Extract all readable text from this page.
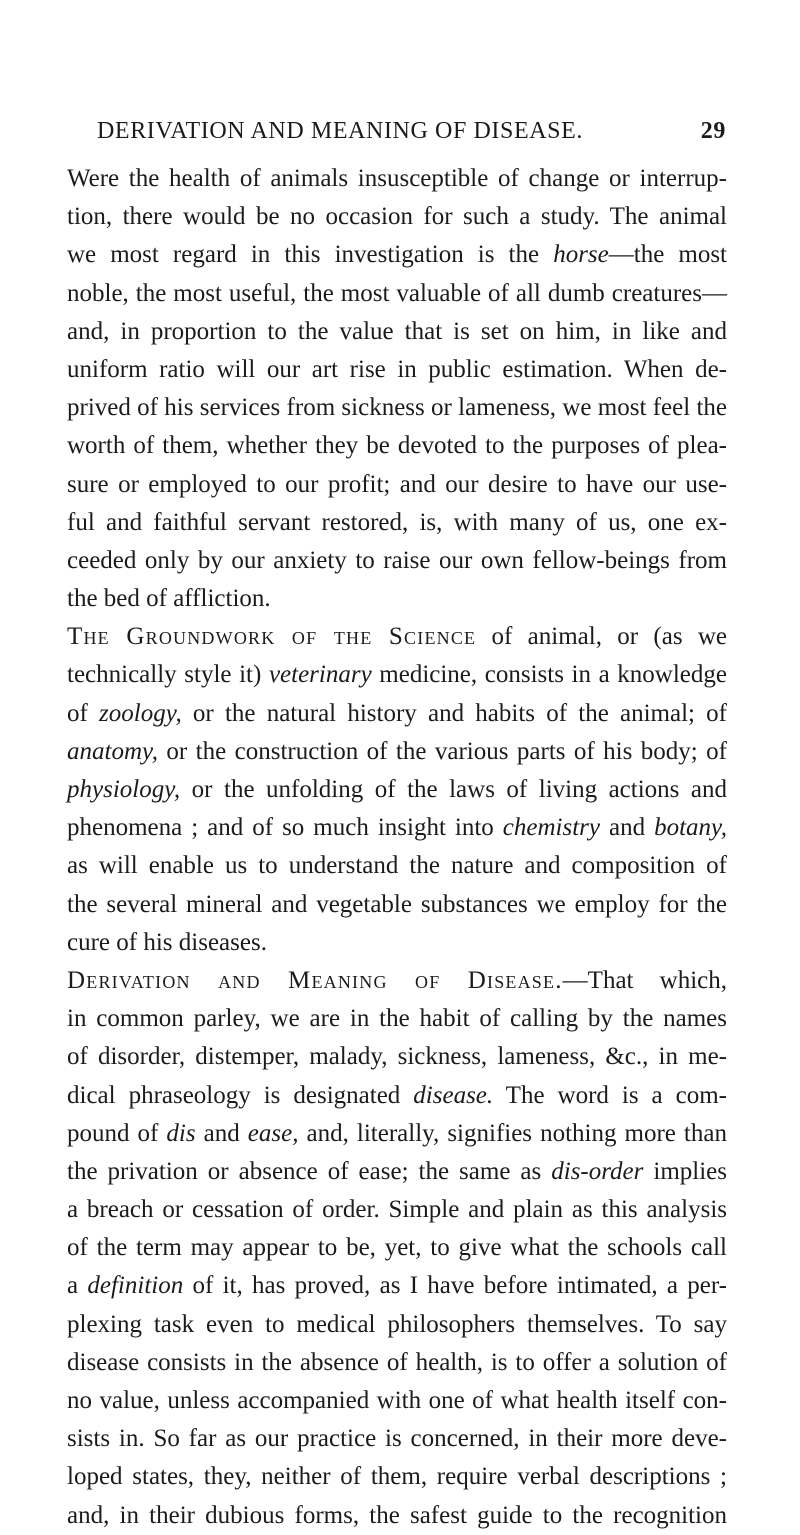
DERIVATION AND MEANING OF DISEASE.	29
Were the health of animals insusceptible of change or interrup-
tion, there would be no occasion for such a study. The animal
we most regard in this investigation is the horse—the most
noble, the most useful, the most valuable of all dumb creatures—
and, in proportion to the value that is set on him, in like and
uniform ratio will our art rise in public estimation. When de-
prived of his services from sickness or lameness, we most feel the
worth of them, whether they be devoted to the purposes of plea-
sure or employed to our profit; and our desire to have our use-
ful and faithful servant restored, is, with many of us, one ex-
ceeded only by our anxiety to raise our own fellow-beings from
the bed of affliction.
The Groundwork of the Science of animal, or (as we
technically style it) veterinary medicine, consists in a knowledge
of zoology, or the natural history and habits of the animal; of
anatomy, or the construction of the various parts of his body; of
physiology, or the unfolding of the laws of living actions and
phenomena ; and of so much insight into chemistry and botany,
as will enable us to understand the nature and composition of
the several mineral and vegetable substances we employ for the
cure of his diseases.
Derivation and Meaning of Disease.—That which,
in common parley, we are in the habit of calling by the names
of disorder, distemper, malady, sickness, lameness, &c., in me-
dical phraseology is designated disease. The word is a com-
pound of dis and ease, and, literally, signifies nothing more than
the privation or absence of ease; the same as dis-order implies
a breach or cessation of order. Simple and plain as this analysis
of the term may appear to be, yet, to give what the schools call
a definition of it, has proved, as I have before intimated, a per-
plexing task even to medical philosophers themselves. To say
disease consists in the absence of health, is to offer a solution of
no value, unless accompanied with one of what health itself con-
sists in. So far as our practice is concerned, in their more deve-
loped states, they, neither of them, require verbal descriptions ;
and, in their dubious forms, the safest guide to the recognition
